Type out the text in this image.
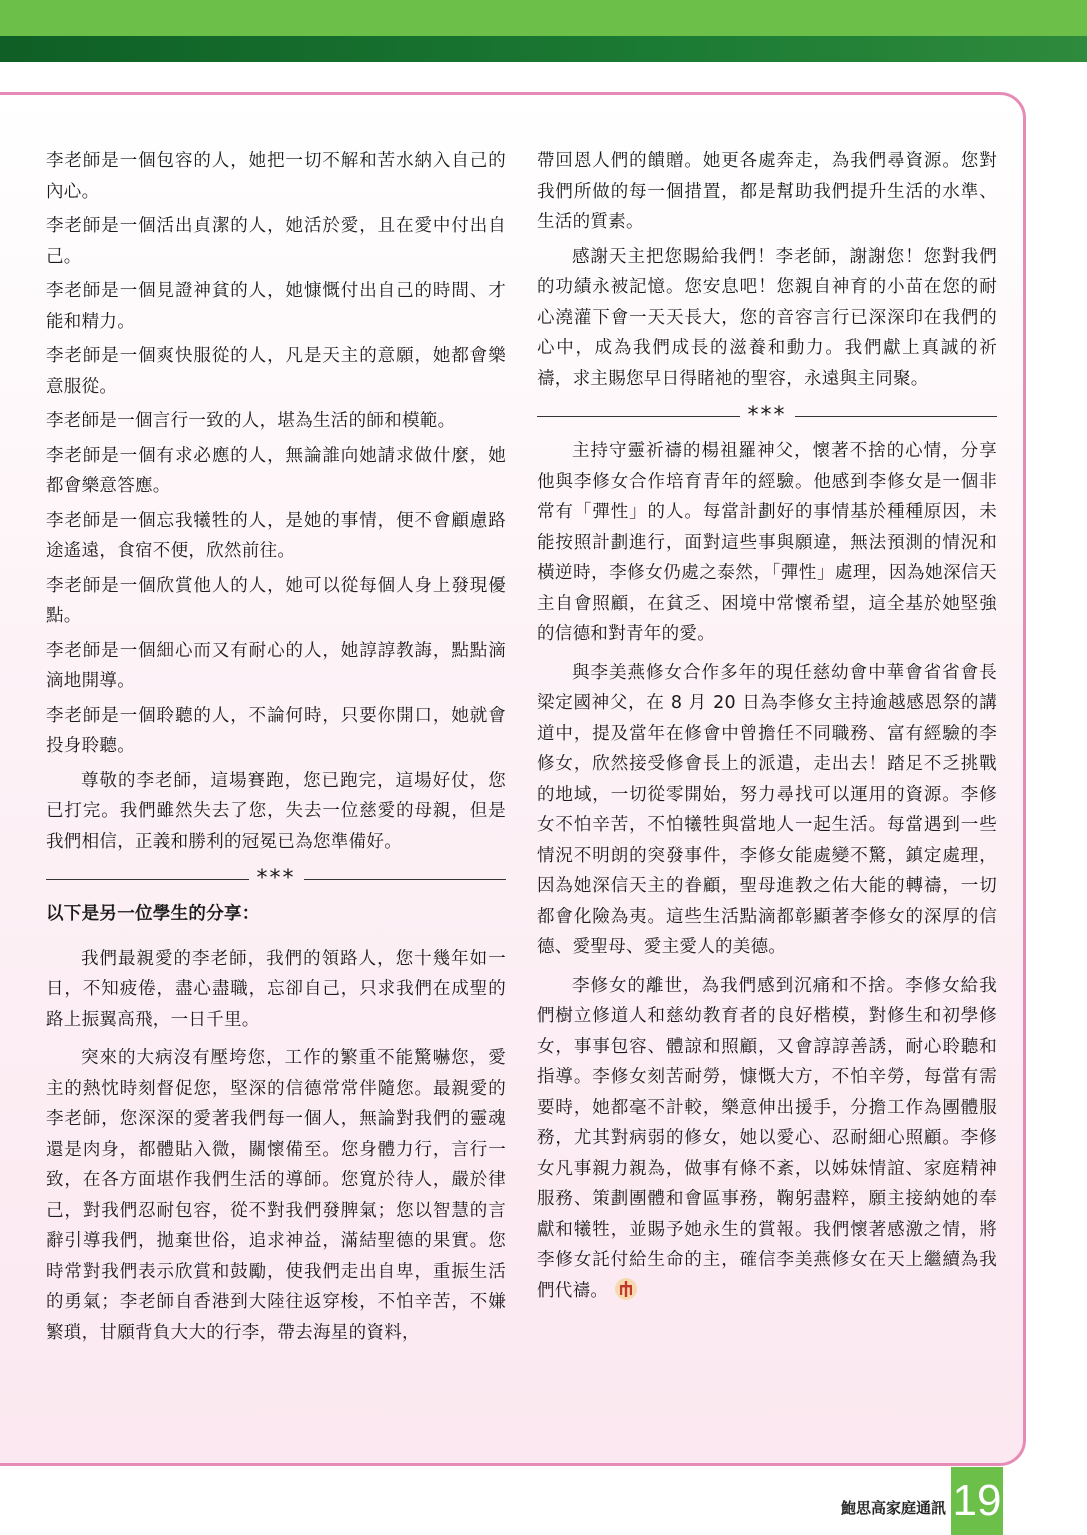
李老師是一個包容的人，她把一切不解和苦水納入自己的內心。

李老師是一個活出貞潔的人，她活於愛，且在愛中付出自己。

李老師是一個見證神貧的人，她慷慨付出自己的時間、才能和精力。

李老師是一個爽快服從的人，凡是天主的意願，她都會樂意服從。

李老師是一個言行一致的人，堪為生活的師和模範。

李老師是一個有求必應的人，無論誰向她請求做什麼，她都會樂意答應。

李老師是一個忘我犧牲的人，是她的事情，便不會顧慮路途遙遠，食宿不便，欣然前往。

李老師是一個欣賞他人的人，她可以從每個人身上發現優點。

李老師是一個細心而又有耐心的人，她諄諄教誨，點點滴滴地開導。

李老師是一個聆聽的人，不論何時，只要你開口，她就會投身聆聽。

尊敬的李老師，這場賽跑，您已跑完，這場好仗，您已打完。我們雖然失去了您，失去一位慈愛的母親，但是我們相信，正義和勝利的冠冕已為您準備好。

***

以下是另一位學生的分享：

我們最親愛的李老師，我們的領路人，您十幾年如一日，不知疲倦，盡心盡職，忘卻自己，只求我們在成聖的路上振翼高飛，一日千里。

突來的大病沒有壓垮您，工作的繁重不能驚嚇您，愛主的熱忱時刻督促您，堅深的信德常常伴隨您。最親愛的李老師，您深深的愛著我們每一個人，無論對我們的靈魂還是肉身，都體貼入微，關懷備至。您身體力行，言行一致，在各方面堪作我們生活的導師。您寬於待人，嚴於律己，對我們忍耐包容，從不對我們發脾氣；您以智慧的言辭引導我們，拋棄世俗，追求神益，滿結聖德的果實。您時常對我們表示欣賞和鼓勵，使我們走出自卑，重振生活的勇氣；李老師自香港到大陸往返穿梭，不怕辛苦，不嫌繁瑣，甘願背負大大的行李，帶去海星的資料，

帶回恩人們的饋贈。她更各處奔走，為我們尋資源。您對我們所做的每一個措置，都是幫助我們提升生活的水準、生活的質素。

感謝天主把您賜給我們！李老師，謝謝您！您對我們的功績永被記憶。您安息吧！您親自神育的小苗在您的耐心澆灌下會一天天長大，您的音容言行已深深印在我們的心中，成為我們成長的滋養和動力。我們獻上真誠的祈禱，求主賜您早日得睹祂的聖容，永遠與主同聚。

***

主持守靈祈禱的楊祖羅神父，懷著不捨的心情，分享他與李修女合作培育青年的經驗。他感到李修女是一個非常有「彈性」的人。每當計劃好的事情基於種種原因，未能按照計劃進行，面對這些事與願違，無法預測的情況和橫逆時，李修女仍處之泰然，「彈性」處理，因為她深信天主自會照顧，在貧乏、困境中常懷希望，這全基於她堅強的信德和對青年的愛。

與李美燕修女合作多年的現任慈幼會中華會省省會長梁定國神父，在 8 月 20 日為李修女主持逾越感恩祭的講道中，提及當年在修會中曾擔任不同職務、富有經驗的李修女，欣然接受修會長上的派遣，走出去！踏足不乏挑戰的地域，一切從零開始，努力尋找可以運用的資源。李修女不怕辛苦，不怕犧牲與當地人一起生活。每當遇到一些情況不明朗的突發事件，李修女能處變不驚，鎮定處理，因為她深信天主的眷顧，聖母進教之佑大能的轉禱，一切都會化險為夷。這些生活點滴都彰顯著李修女的深厚的信德、愛聖母、愛主愛人的美德。

李修女的離世，為我們感到沉痛和不捨。李修女給我們樹立修道人和慈幼教育者的良好楷模，對修生和初學修女，事事包容、體諒和照顧，又會諄諄善誘，耐心聆聽和指導。李修女刻苦耐勞，慷慨大方，不怕辛勞，每當有需要時，她都毫不計較，樂意伸出援手，分擔工作為團體服務，尤其對病弱的修女，她以愛心、忍耐細心照顧。李修女凡事親力親為，做事有條不紊，以姊妹情誼、家庭精神服務、策劃團體和會區事務，鞠躬盡粹，願主接納她的奉獻和犧牲，並賜予她永生的賞報。我們懷著感激之情，將李修女託付給生命的主，確信李美燕修女在天上繼續為我們代禱。

鮑思高家庭通訊 19
